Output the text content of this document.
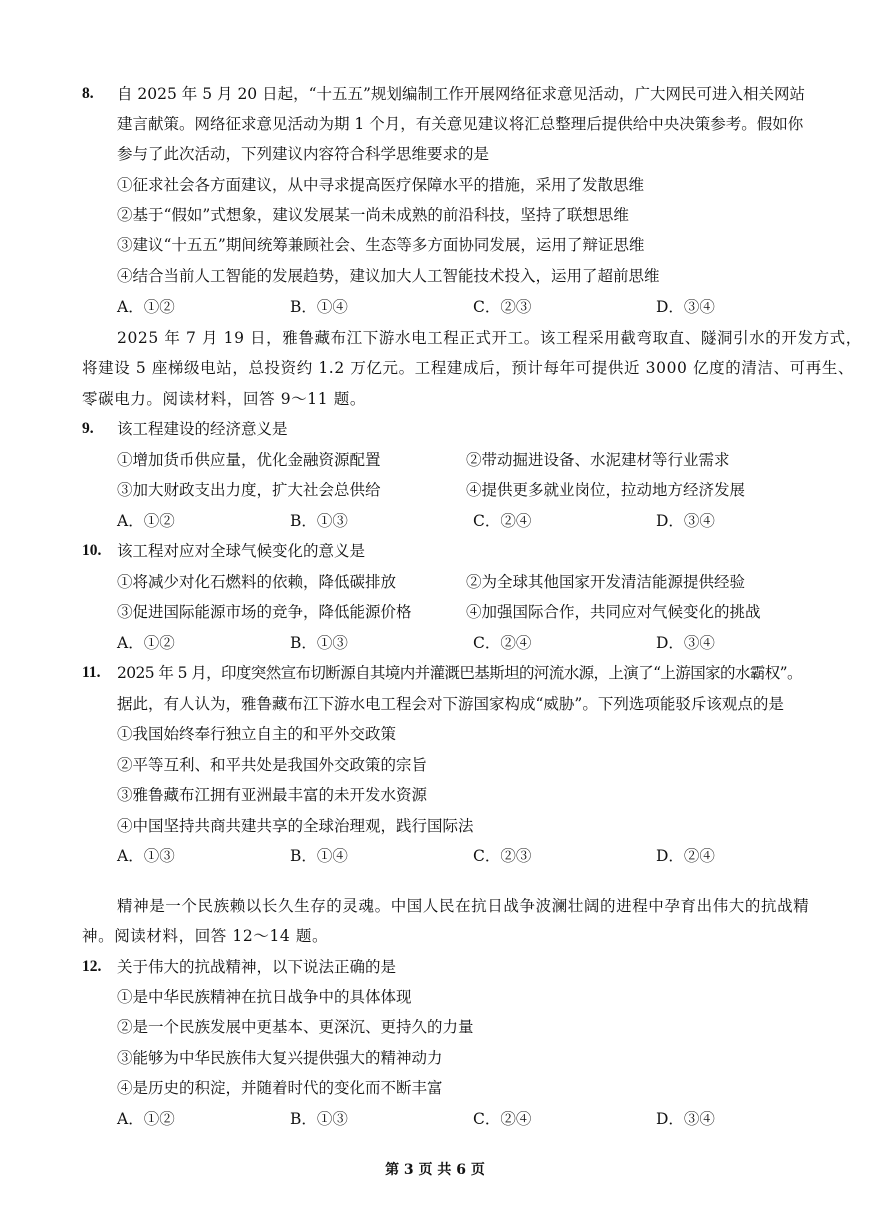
8. 自 2025 年 5 月 20 日起，“十五五”规划编制工作开展网络征求意见活动，广大网民可进入相关网站
建言献策。网络征求意见活动为期 1 个月，有关意见建议将汇总整理后提供给中央决策参考。假如你
参与了此次活动，下列建议内容符合科学思维要求的是
①征求社会各方面建议，从中寻求提高医疗保障水平的措施，采用了发散思维
②基于“假如”式想象，建议发展某一尚未成熟的前沿科技，坚持了联想思维
③建议“十五五”期间统筹兼顾社会、生态等多方面协同发展，运用了辩证思维
④结合当前人工智能的发展趋势，建议加大人工智能技术投入，运用了超前思维
A．①②	B．①④	C．②③	D．③④
2025 年 7 月 19 日，雅鲁藏布江下游水电工程正式开工。该工程采用截弯取直、隧洞引水的开发方式，
将建设 5 座梯级电站，总投资约 1.2 万亿元。工程建成后，预计每年可提供近 3000 亿度的清洁、可再生、
零碳电力。阅读材料，回答 9～11 题。
9. 该工程建设的经济意义是
①增加货币供应量，优化金融资源配置	②带动掘进设备、水泥建材等行业需求
③加大财政支出力度，扩大社会总供给	④提供更多就业岗位，拉动地方经济发展
A．①②	B．①③	C．②④	D．③④
10. 该工程对应对全球气候变化的意义是
①将减少对化石燃料的依赖，降低碳排放	②为全球其他国家开发清洁能源提供经验
③促进国际能源市场的竞争，降低能源价格	④加强国际合作，共同应对气候变化的挑战
A．①②	B．①③	C．②④	D．③④
11. 2025 年 5 月，印度突然宣布切断源自其境内并灌溉巴基斯坦的河流水源，上演了“上游国家的水霸权”。
据此，有人认为，雅鲁藏布江下游水电工程会对下游国家构成“威胁”。下列选项能驳斥该观点的是
①我国始终奉行独立自主的和平外交政策
②平等互利、和平共处是我国外交政策的宗旨
③雅鲁藏布江拥有亚洲最丰富的未开发水资源
④中国坚持共商共建共享的全球治理观，践行国际法
A．①③	B．①④	C．②③	D．②④
精神是一个民族赖以长久生存的灵魂。中国人民在抗日战争波澜壮阔的进程中孕育出伟大的抗战精
神。阅读材料，回答 12～14 题。
12. 关于伟大的抗战精神，以下说法正确的是
①是中华民族精神在抗日战争中的具体体现
②是一个民族发展中更基本、更深沉、更持久的力量
③能够为中华民族伟大复兴提供强大的精神动力
④是历史的积淀，并随着时代的变化而不断丰富
A．①②	B．①③	C．②④	D．③④
第 3 页 共 6 页
